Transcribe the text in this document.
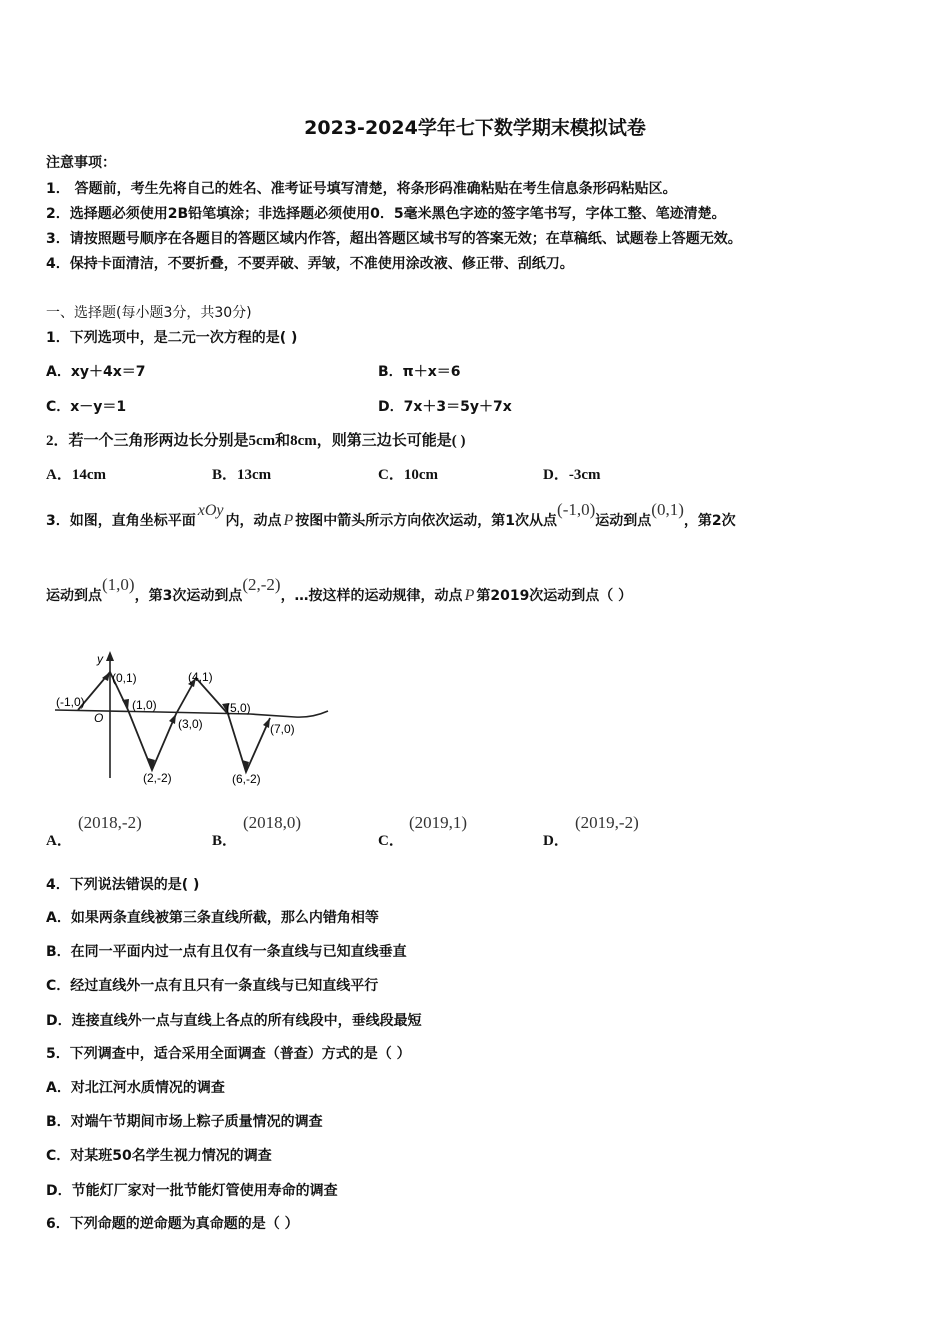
2023-2024学年七下数学期末模拟试卷
注意事项：
1． 答题前，考生先将自己的姓名、准考证号填写清楚，将条形码准确粘贴在考生信息条形码粘贴区。
2．选择题必须使用2B铅笔填涂；非选择题必须使用0．5毫米黑色字迹的签字笔书写，字体工整、笔迹清楚。
3．请按照题号顺序在各题目的答题区域内作答，超出答题区域书写的答案无效；在草稿纸、试题卷上答题无效。
4．保持卡面清洁，不要折叠，不要弄破、弄皱，不准使用涂改液、修正带、刮纸刀。
一、选择题(每小题3分，共30分)
1．下列选项中，是二元一次方程的是( )
A．xy＋4x＝7	B．π＋x＝6
C．x－y＝1	D．7x＋3＝5y＋7x
2．若一个三角形两边长分别是5cm和8cm，则第三边长可能是( )
A．14cm	B．13cm	C．10cm	D．-3cm
3．如图，直角坐标平面xOy内，动点 P 按图中箭头所示方向依次运动，第1次从点(-1,0)运动到点(0,1)，第2次
运动到点(1,0)，第3次运动到点(2,-2)，…按这样的运动规律，动点 P 第2019次运动到点（ ）
y
O
(-1,0)
(0,1)
(1,0)
(2,-2)
(3,0)
(4,1)
(5,0)
(6,-2)
(7,0)
A．
(2018,-2)
B．
(2018,0)
C．
(2019,1)
D．
(2019,-2)
4．下列说法错误的是( )
A．如果两条直线被第三条直线所截，那么内错角相等
B．在同一平面内过一点有且仅有一条直线与已知直线垂直
C．经过直线外一点有且只有一条直线与已知直线平行
D．连接直线外一点与直线上各点的所有线段中，垂线段最短
5．下列调查中，适合采用全面调查（普查）方式的是（ ）
A．对北江河水质情况的调查
B．对端午节期间市场上粽子质量情况的调查
C．对某班50名学生视力情况的调查
D．节能灯厂家对一批节能灯管使用寿命的调查
6．下列命题的逆命题为真命题的是（ ）
